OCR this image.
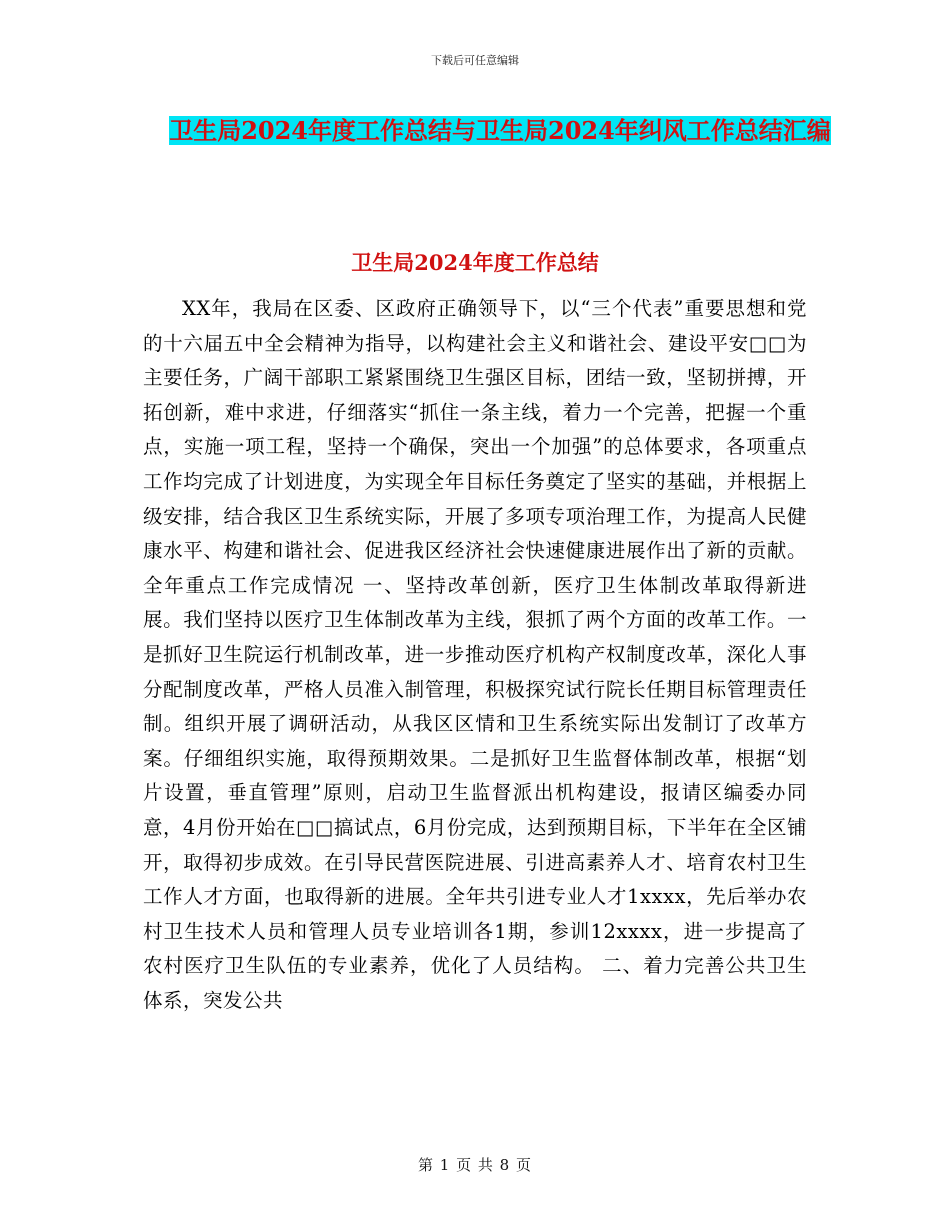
下载后可任意编辑
卫生局2024年度工作总结与卫生局2024年纠风工作总结汇编
卫生局2024年度工作总结

XX年，我局在区委、区政府正确领导下，以“三个代表”重要思想和党的十六届五中全会精神为指导，以构建社会主义和谐社会、建设平安□□为主要任务，广阔干部职工紧紧围绕卫生强区目标，团结一致，坚韧拼搏，开拓创新，难中求进，仔细落实“抓住一条主线，着力一个完善，把握一个重点，实施一项工程，坚持一个确保，突出一个加强”的总体要求，各项重点工作均完成了计划进度，为实现全年目标任务奠定了坚实的基础，并根据上级安排，结合我区卫生系统实际，开展了多项专项治理工作，为提高人民健康水平、构建和谐社会、促进我区经济社会快速健康进展作出了新的贡献。 全年重点工作完成情况 一、坚持改革创新，医疗卫生体制改革取得新进展。我们坚持以医疗卫生体制改革为主线，狠抓了两个方面的改革工作。一是抓好卫生院运行机制改革，进一步推动医疗机构产权制度改革，深化人事分配制度改革，严格人员准入制管理，积极探究试行院长任期目标管理责任制。组织开展了调研活动，从我区区情和卫生系统实际出发制订了改革方案。仔细组织实施，取得预期效果。二是抓好卫生监督体制改革，根据“划片设置，垂直管理”原则，启动卫生监督派出机构建设，报请区编委办同意，4月份开始在□□搞试点，6月份完成，达到预期目标，下半年在全区铺开，取得初步成效。在引导民营医院进展、引进高素养人才、培育农村卫生工作人才方面，也取得新的进展。全年共引进专业人才1xxxx，先后举办农村卫生技术人员和管理人员专业培训各1期，参训12xxxx，进一步提高了农村医疗卫生队伍的专业素养，优化了人员结构。 二、着力完善公共卫生体系，突发公共

第 1 页 共 8 页
